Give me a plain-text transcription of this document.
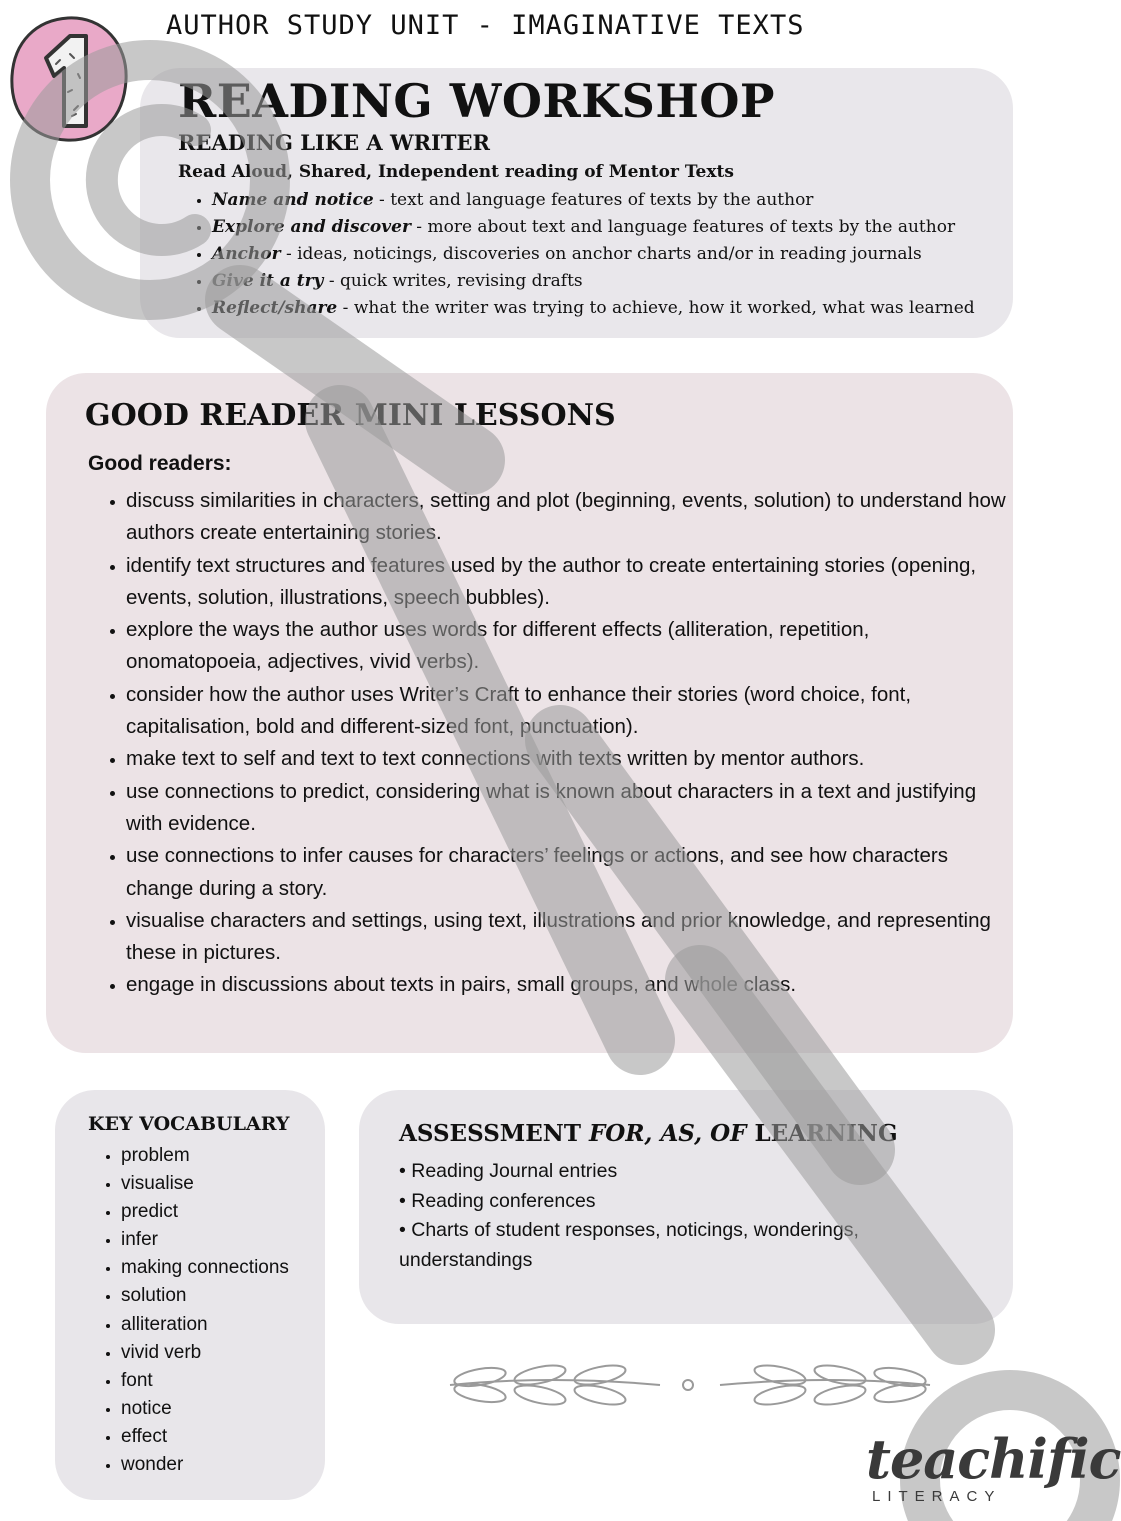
AUTHOR STUDY UNIT - IMAGINATIVE TEXTS
1 READING WORKSHOP
READING LIKE A WRITER
Read Aloud, Shared, Independent reading of Mentor Texts
• Name and notice - text and language features of texts by the author
• Explore and discover - more about text and language features of texts by the author
• Anchor - ideas, noticings, discoveries on anchor charts and/or in reading journals
• Give it a try - quick writes, revising drafts
• Reflect/share - what the writer was trying to achieve, how it worked, what was learned
GOOD READER MINI LESSONS
Good readers:
• discuss similarities in characters, setting and plot (beginning, events, solution) to understand how authors create entertaining stories.
• identify text structures and features used by the author to create entertaining stories (opening, events, solution, illustrations, speech bubbles).
• explore the ways the author uses words for different effects (alliteration, repetition, onomatopoeia, adjectives, vivid verbs).
• consider how the author uses Writer’s Craft to enhance their stories (word choice, font, capitalisation, bold and different-sized font, punctuation).
• make text to self and text to text connections with texts written by mentor authors.
• use connections to predict, considering what is known about characters in a text and justifying with evidence.
• use connections to infer causes for characters’ feelings or actions, and see how characters change during a story.
• visualise characters and settings, using text, illustrations and prior knowledge, and representing these in pictures.
• engage in discussions about texts in pairs, small groups, and whole class.
KEY VOCABULARY
• problem
• visualise
• predict
• infer
• making connections
• solution
• alliteration
• vivid verb
• font
• notice
• effect
• wonder
ASSESSMENT FOR, AS, OF LEARNING
• Reading Journal entries
• Reading conferences
• Charts of student responses, noticings, wonderings, understandings
teachific
LITERACY
